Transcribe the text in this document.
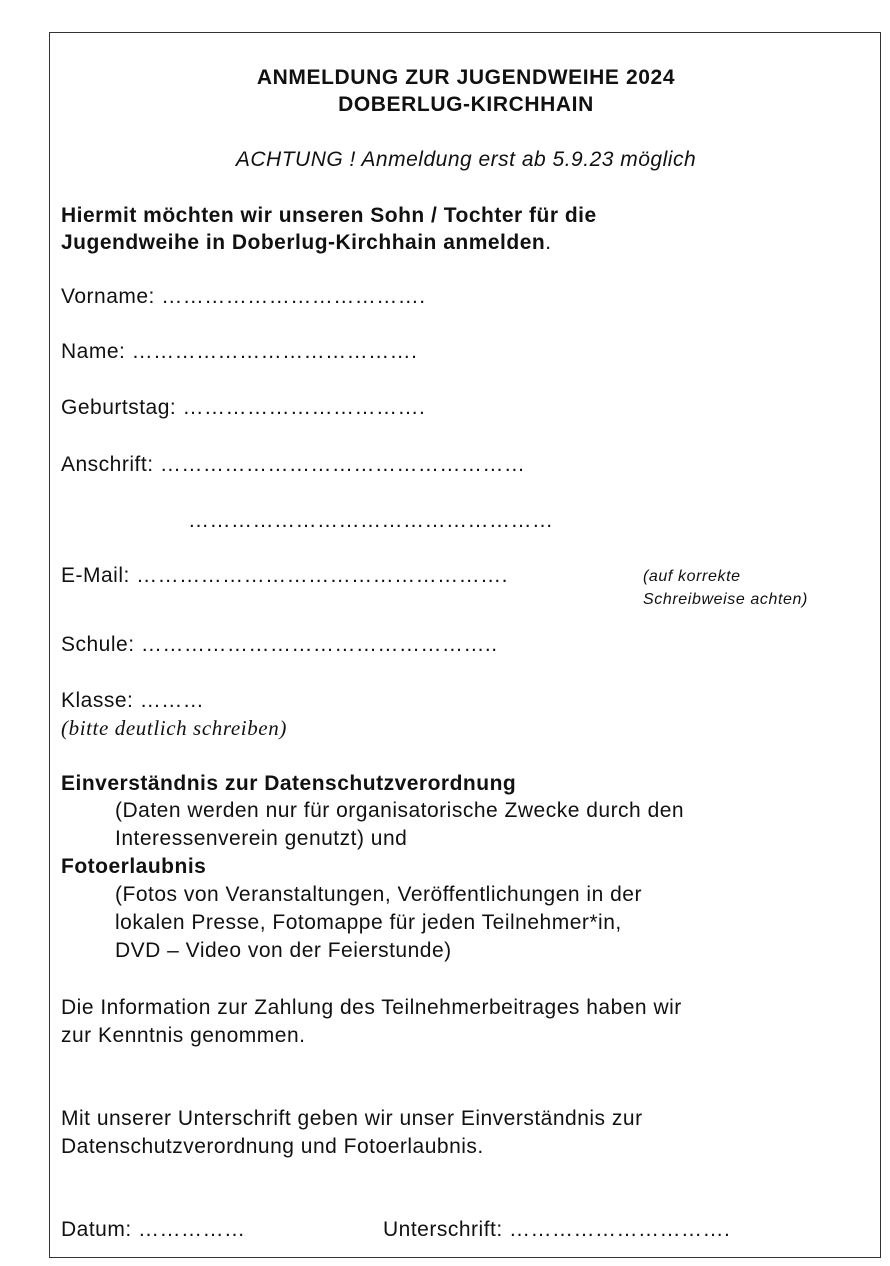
ANMELDUNG ZUR JUGENDWEIHE 2024
DOBERLUG-KIRCHHAIN
ACHTUNG ! Anmeldung erst ab 5.9.23 möglich
Hiermit möchten wir unseren Sohn / Tochter für die
Jugendweihe in Doberlug-Kirchhain anmelden.
Vorname: ……………………………….
Name: ………………………………….
Geburtstag: …………………………….
Anschrift: ……………………………………………
……………………………………………
E-Mail: …………………………………………….	(auf korrekte
Schreibweise achten)
Schule: …………………………………………..
Klasse: ………
(bitte deutlich schreiben)
Einverständnis zur Datenschutzverordnung
(Daten werden nur für organisatorische Zwecke durch den
Interessenverein genutzt) und
Fotoerlaubnis
(Fotos von Veranstaltungen, Veröffentlichungen in der
lokalen Presse, Fotomappe für jeden Teilnehmer*in,
DVD – Video von der Feierstunde)
Die Information zur Zahlung des Teilnehmerbeitrages haben wir
zur Kenntnis genommen.
Mit unserer Unterschrift geben wir unser Einverständnis zur
Datenschutzverordnung und Fotoerlaubnis.
Datum: ……………	Unterschrift: ………………………….
